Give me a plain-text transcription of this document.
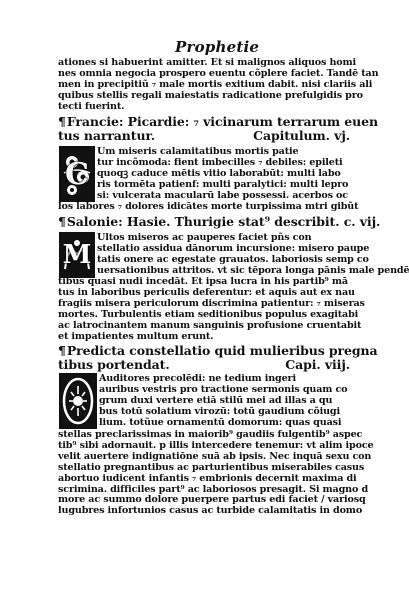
Prophetie
ationes si habuerint amitter. Et si malignos aliquos homi
nes omnia negocia prospero euentu cõplere faciet. Tandē tan
men in precipitiũ ₇ male mortis exitium dabit. nisi clariis ali
quibus stellis regali maiestatis radicatione prefulgidis pro
tecti fuerint.
¶Francie: Picardie: ₇ vicinarum terrarum euen
tus narrantur.	Capitulum. vj.
C
Um miseris calamitatibus mortis patie
tur incõmoda: fient imbecilles ₇ debiles: epileti
quoqꝫ caduce mētis vitio laborabūt: multi labo
ris tormēta patienf: multi paralytici: multi lepro
si: vulcerata macularū labe possessi. acerbos oc
los labores ₇ dolores idicātes morte turpissima mtri gibũt
¶Salonie: Hasie. Thurigie stat⁹ describit. c. vij.
M
Ultos miseros ac pauperes faciet pñs con
stellatio assidua dānorum incursione: misero paupe
tatis onere ac egestate grauatos. laboriosis semp co
uersationibus attritos. vt sic tēpora longa pānis male pendē
tibus quasi nudi incedāt. Et ipsa lucra in his partib⁹ mā
tus in laboribus periculis deferentur: et aquis aut ex nau
fragiis misera periculorum discrimina patientur: ₇ miseras
mortes. Turbulentis etiam seditionibus populus exagitabi
ac latrocinantem manum sanguinis profusione cruentabit
et impatientes multum erunt.
¶Predicta constellatio quid mulieribus pregna
tibus portendat.	Capi. viij.
Auditores precolēdi: ne tedium ingeri
auribus vestris pro tractione sermonis quam co
grum duxi vertere etiā stilū mei ad illas a qu
bus totū solatium virozū: totū gaudium cõiugi
lium. totũue ornamentū domorum: quas quasi
stellas preclarissimas in maiorib⁹ gaudiis fulgentib⁹ aspec
tib⁹ sibi adornauit. p illis intercedere tenemur: vt alim ipoce
velit auertere indignatiōne suā ab ipsis. Nec inquā sexu con
stellatio pregnantibus ac parturientibus miserabiles casus
abortuo iudicent infantis ₇ embrionis decernit maxima di
scrimina. difficiles part⁹ ac laboriosos presagit. Si magno d
more ac summo dolore puerpere partus edi faciet / variosq
lugubres infortunios casus ac turbide calamitatis in domo
